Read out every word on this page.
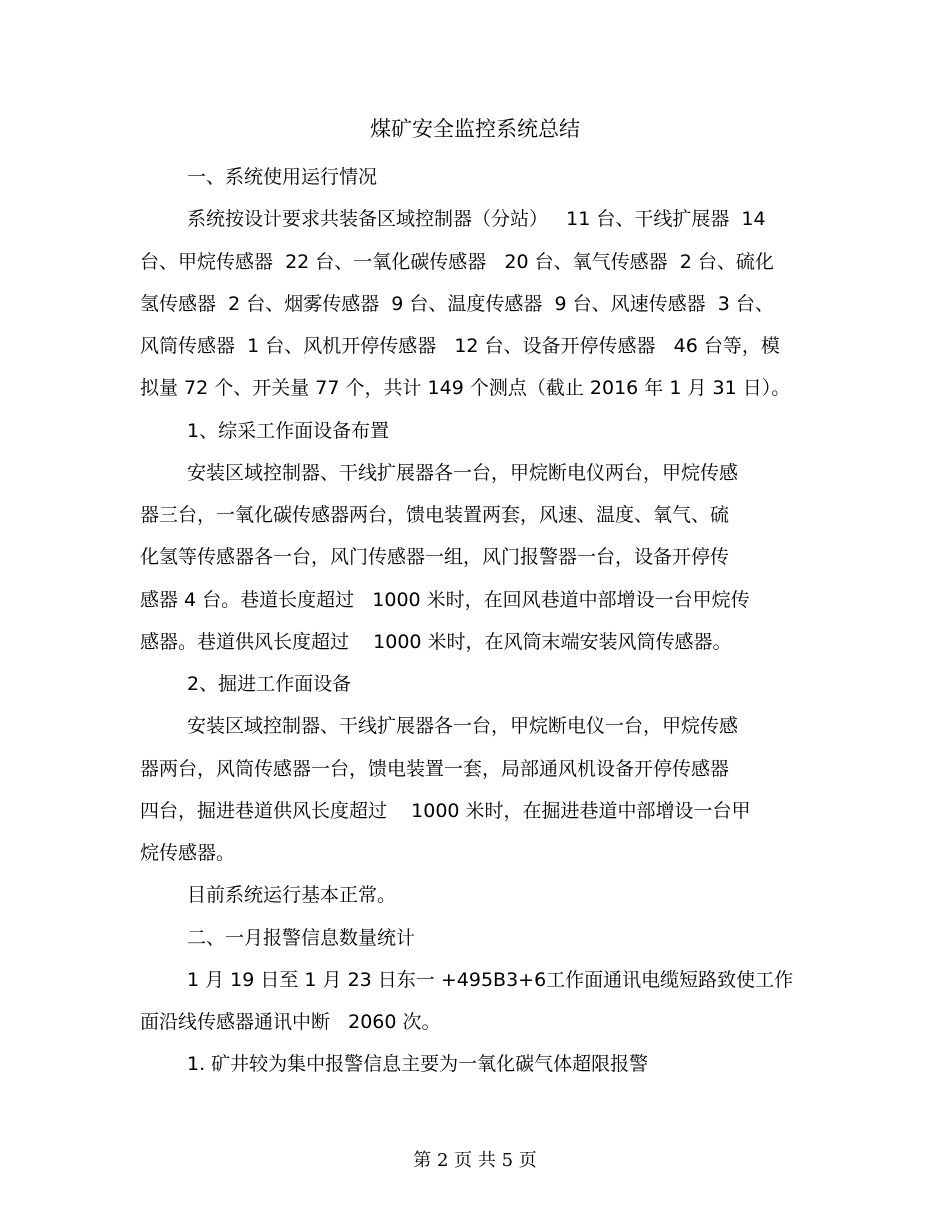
煤矿安全监控系统总结
一、系统使用运行情况
系统按设计要求共装备区域控制器（分站）   11 台、干线扩展器  14
台、甲烷传感器  22 台、一氧化碳传感器   20 台、氧气传感器  2 台、硫化
氢传感器  2 台、烟雾传感器  9 台、温度传感器  9 台、风速传感器  3 台、
风筒传感器  1 台、风机开停传感器   12 台、设备开停传感器   46 台等，模
拟量 72 个、开关量 77 个，共计 149 个测点（截止 2016 年 1 月 31 日）。
1、综采工作面设备布置
安装区域控制器、干线扩展器各一台，甲烷断电仪两台，甲烷传感
器三台，一氧化碳传感器两台，馈电装置两套，风速、温度、氧气、硫
化氢等传感器各一台，风门传感器一组，风门报警器一台，设备开停传
感器 4 台。巷道长度超过   1000 米时，在回风巷道中部增设一台甲烷传
感器。巷道供风长度超过    1000 米时，在风筒末端安装风筒传感器。
2、掘进工作面设备
安装区域控制器、干线扩展器各一台，甲烷断电仪一台，甲烷传感
器两台，风筒传感器一台，馈电装置一套，局部通风机设备开停传感器
四台，掘进巷道供风长度超过    1000 米时，在掘进巷道中部增设一台甲
烷传感器。
目前系统运行基本正常。
二、一月报警信息数量统计
1 月 19 日至 1 月 23 日东一 +495B3+6工作面通讯电缆短路致使工作
面沿线传感器通讯中断   2060 次。
1. 矿井较为集中报警信息主要为一氧化碳气体超限报警
第 2 页 共 5 页
